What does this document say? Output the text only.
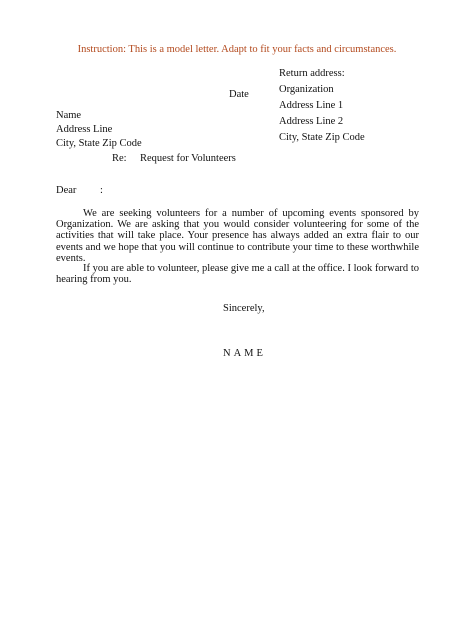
Instruction: This is a model letter. Adapt to fit your facts and circumstances.
Return address:
Organization
Address Line 1
Address Line 2
City, State Zip Code
Date
Name
Address Line
City, State Zip Code
Re: Request for Volunteers
Dear :
We are seeking volunteers for a number of upcoming events sponsored by Organization. We are asking that you would consider volunteering for some of the activities that will take place. Your presence has always added an extra flair to our events and we hope that you will continue to contribute your time to these worthwhile events.
If you are able to volunteer, please give me a call at the office. I look forward to hearing from you.
Sincerely,
NAME
